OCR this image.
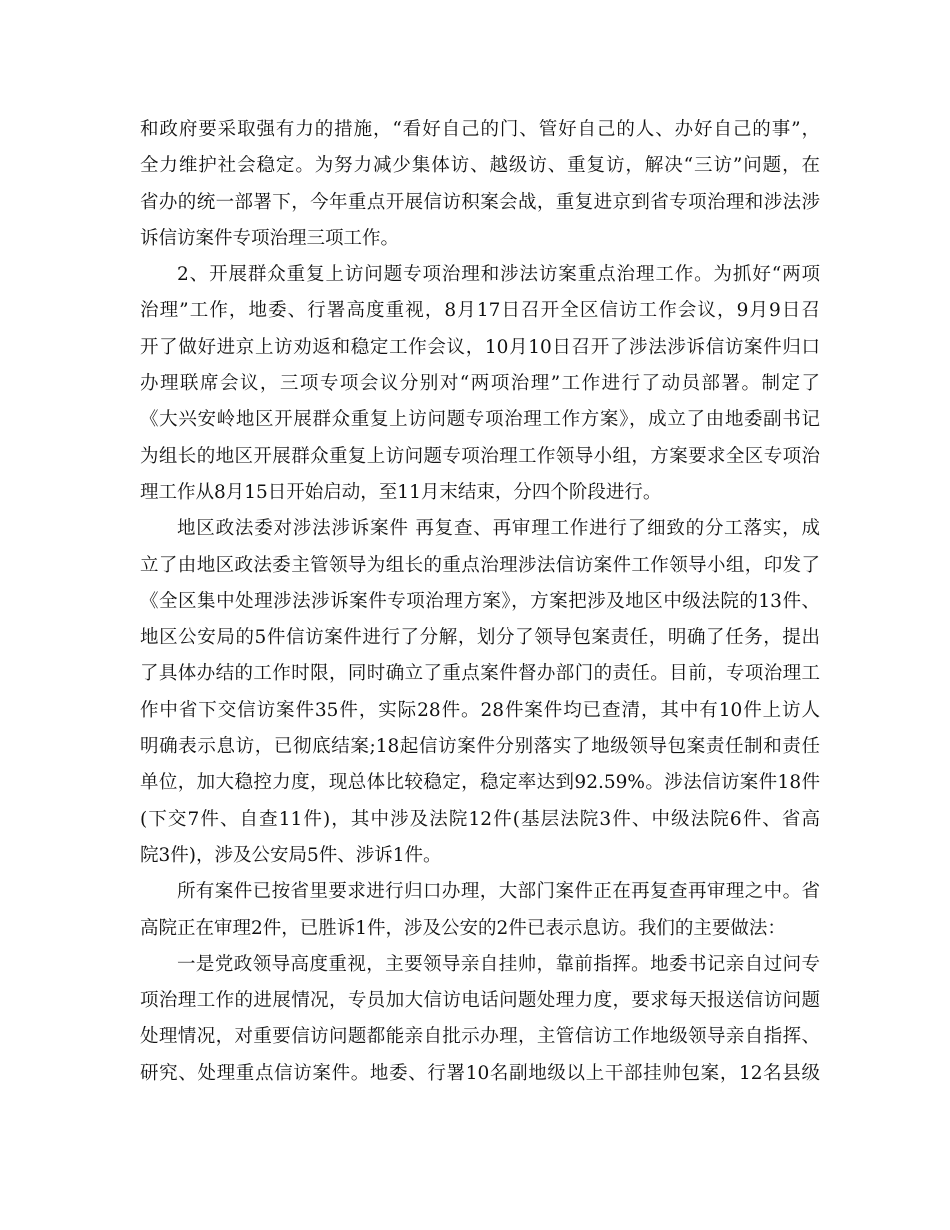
和政府要采取强有力的措施，“看好自己的门、管好自己的人、办好自己的事”，
全力维护社会稳定。为努力减少集体访、越级访、重复访，解决“三访”问题，在
省办的统一部署下，今年重点开展信访积案会战，重复进京到省专项治理和涉法涉
诉信访案件专项治理三项工作。
2、开展群众重复上访问题专项治理和涉法访案重点治理工作。为抓好“两项
治理”工作，地委、行署高度重视，8月17日召开全区信访工作会议，9月9日召
开了做好进京上访劝返和稳定工作会议，10月10日召开了涉法涉诉信访案件归口
办理联席会议，三项专项会议分别对“两项治理”工作进行了动员部署。制定了
《大兴安岭地区开展群众重复上访问题专项治理工作方案》，成立了由地委副书记
为组长的地区开展群众重复上访问题专项治理工作领导小组，方案要求全区专项治
理工作从8月15日开始启动，至11月末结束，分四个阶段进行。
地区政法委对涉法涉诉案件 再复查、再审理工作进行了细致的分工落实，成
立了由地区政法委主管领导为组长的重点治理涉法信访案件工作领导小组，印发了
《全区集中处理涉法涉诉案件专项治理方案》，方案把涉及地区中级法院的13件、
地区公安局的5件信访案件进行了分解，划分了领导包案责任，明确了任务，提出
了具体办结的工作时限，同时确立了重点案件督办部门的责任。目前，专项治理工
作中省下交信访案件35件，实际28件。28件案件均已查清，其中有10件上访人
明确表示息访，已彻底结案;18起信访案件分别落实了地级领导包案责任制和责任
单位，加大稳控力度，现总体比较稳定，稳定率达到92.59%。涉法信访案件18件
(下交7件、自查11件)，其中涉及法院12件(基层法院3件、中级法院6件、省高
院3件)，涉及公安局5件、涉诉1件。
所有案件已按省里要求进行归口办理，大部门案件正在再复查再审理之中。省
高院正在审理2件，已胜诉1件，涉及公安的2件已表示息访。我们的主要做法：
一是党政领导高度重视，主要领导亲自挂帅，靠前指挥。地委书记亲自过问专
项治理工作的进展情况，专员加大信访电话问题处理力度，要求每天报送信访问题
处理情况，对重要信访问题都能亲自批示办理，主管信访工作地级领导亲自指挥、
研究、处理重点信访案件。地委、行署10名副地级以上干部挂帅包案，12名县级
